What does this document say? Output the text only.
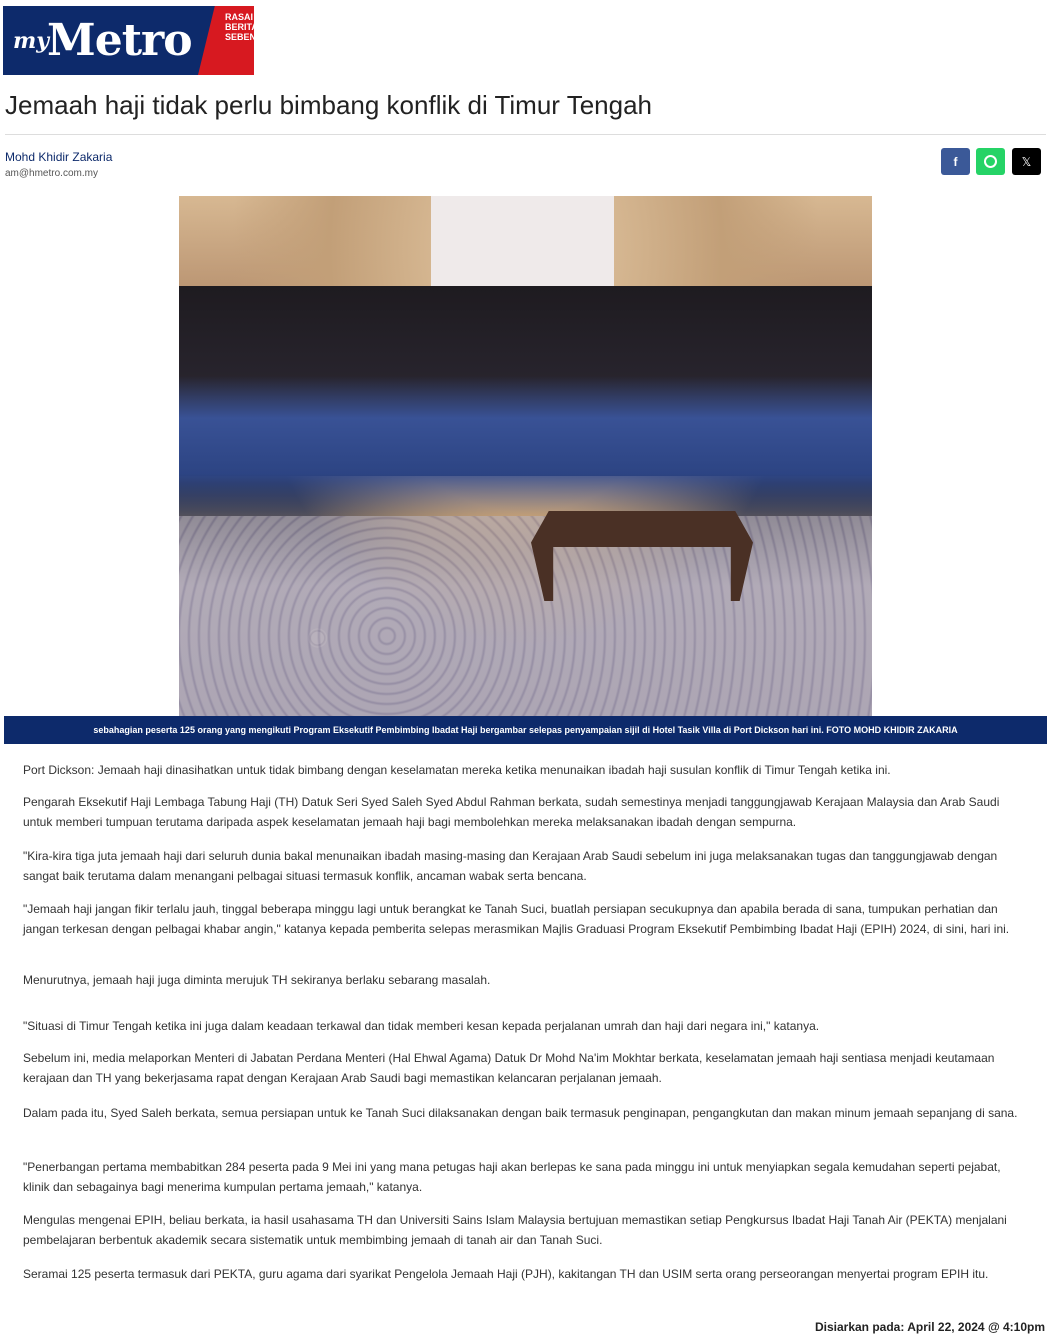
my
Metro	RASAI
BERITA
SEBENAR
Jemaah haji tidak perlu bimbang konflik di Timur Tengah
Mohd Khidir Zakaria
am@hmetro.com.my
f	𝕏
sebahagian peserta 125 orang yang mengikuti Program Eksekutif Pembimbing Ibadat Haji bergambar selepas penyampaian sijil di Hotel Tasik Villa di Port Dickson hari ini. FOTO MOHD KHIDIR ZAKARIA

Port Dickson: Jemaah haji dinasihatkan untuk tidak bimbang dengan keselamatan mereka ketika menunaikan ibadah haji susulan konflik di Timur Tengah ketika ini.

Pengarah Eksekutif Haji Lembaga Tabung Haji (TH) Datuk Seri Syed Saleh Syed Abdul Rahman berkata, sudah semestinya menjadi tanggungjawab Kerajaan Malaysia dan Arab Saudi untuk memberi tumpuan terutama daripada aspek keselamatan jemaah haji bagi membolehkan mereka melaksanakan ibadah dengan sempurna.

"Kira-kira tiga juta jemaah haji dari seluruh dunia bakal menunaikan ibadah masing-masing dan Kerajaan Arab Saudi sebelum ini juga melaksanakan tugas dan tanggungjawab dengan sangat baik terutama dalam menangani pelbagai situasi termasuk konflik, ancaman wabak serta bencana.

"Jemaah haji jangan fikir terlalu jauh, tinggal beberapa minggu lagi untuk berangkat ke Tanah Suci, buatlah persiapan secukupnya dan apabila berada di sana, tumpukan perhatian dan jangan terkesan dengan pelbagai khabar angin," katanya kepada pemberita selepas merasmikan Majlis Graduasi Program Eksekutif Pembimbing Ibadat Haji (EPIH) 2024, di sini, hari ini.

Menurutnya, jemaah haji juga diminta merujuk TH sekiranya berlaku sebarang masalah.

"Situasi di Timur Tengah ketika ini juga dalam keadaan terkawal dan tidak memberi kesan kepada perjalanan umrah dan haji dari negara ini," katanya.

Sebelum ini, media melaporkan Menteri di Jabatan Perdana Menteri (Hal Ehwal Agama) Datuk Dr Mohd Na'im Mokhtar berkata, keselamatan jemaah haji sentiasa menjadi keutamaan kerajaan dan TH yang bekerjasama rapat dengan Kerajaan Arab Saudi bagi memastikan kelancaran perjalanan jemaah.

Dalam pada itu, Syed Saleh berkata, semua persiapan untuk ke Tanah Suci dilaksanakan dengan baik termasuk penginapan, pengangkutan dan makan minum jemaah sepanjang di sana.

"Penerbangan pertama membabitkan 284 peserta pada 9 Mei ini yang mana petugas haji akan berlepas ke sana pada minggu ini untuk menyiapkan segala kemudahan seperti pejabat, klinik dan sebagainya bagi menerima kumpulan pertama jemaah," katanya.

Mengulas mengenai EPIH, beliau berkata, ia hasil usahasama TH dan Universiti Sains Islam Malaysia bertujuan memastikan setiap Pengkursus Ibadat Haji Tanah Air (PEKTA) menjalani pembelajaran berbentuk akademik secara sistematik untuk membimbing jemaah di tanah air dan Tanah Suci.

Seramai 125 peserta termasuk dari PEKTA, guru agama dari syarikat Pengelola Jemaah Haji (PJH), kakitangan TH dan USIM serta orang perseorangan menyertai program EPIH itu.

Disiarkan pada: April 22, 2024 @ 4:10pm
